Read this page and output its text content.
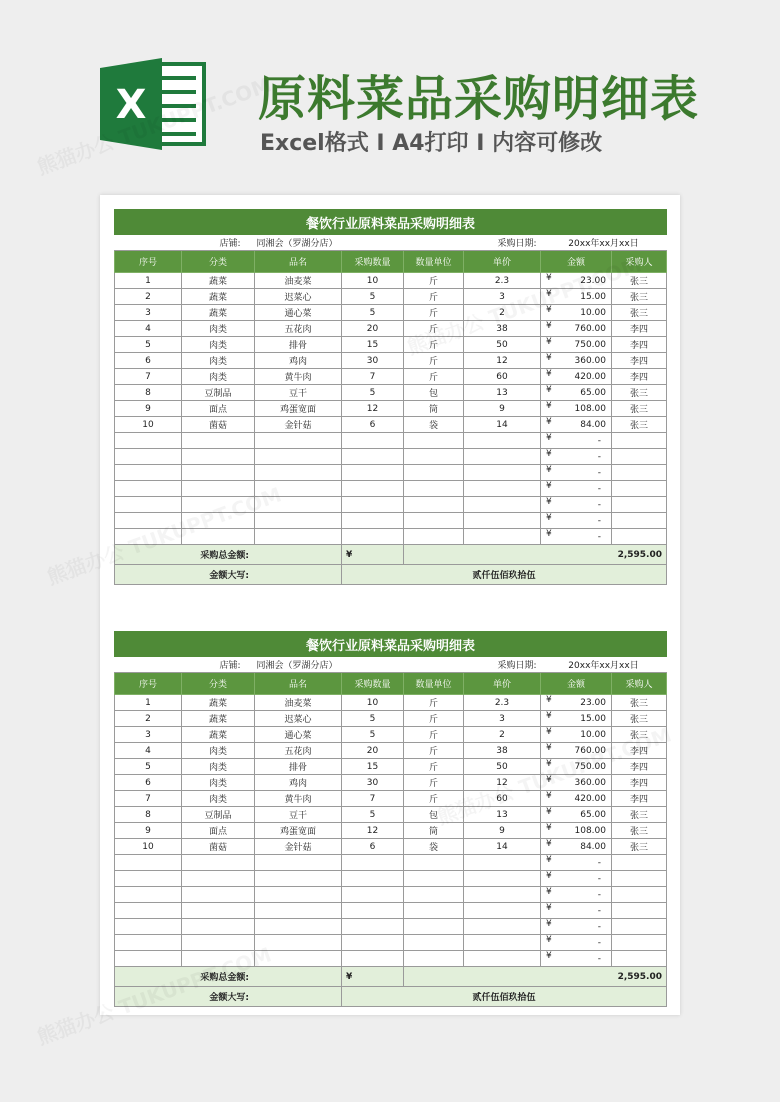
X 原料菜品采购明细表
Excel格式 I A4打印 I 内容可修改
餐饮行业原料菜品采购明细表							
店铺:		同湘会（罗湖分店）		采购日期:		20xx年xx月xx日	
序号	分类	品名	采购数量	数量单位	单价	金额	采购人
1	蔬菜	油麦菜	10	斤	2.3	¥ 23.00	张三
2	蔬菜	迟菜心	5	斤	3	¥ 15.00	张三
3	蔬菜	通心菜	5	斤	2	¥ 10.00	张三
4	肉类	五花肉	20	斤	38	¥ 760.00	李四
5	肉类	排骨	15	斤	50	¥ 750.00	李四
6	肉类	鸡肉	30	斤	12	¥ 360.00	李四
7	肉类	黄牛肉	7	斤	60	¥ 420.00	李四
8	豆制品	豆干	5	包	13	¥ 65.00	张三
9	面点	鸡蛋宽面	12	筒	9	¥ 108.00	张三
10	菌菇	金针菇	6	袋	14	¥ 84.00	张三

						¥ -	

						¥ -	

						¥ -	

						¥ -	

						¥ -	

						¥ -	

						¥ -	
采购总金额:			¥	2,595.00			
金额大写:			贰仟伍佰玖拾伍				
餐饮行业原料菜品采购明细表							
店铺:		同湘会（罗湖分店）		采购日期:		20xx年xx月xx日	
序号	分类	品名	采购数量	数量单位	单价	金额	采购人
1	蔬菜	油麦菜	10	斤	2.3	¥ 23.00	张三
2	蔬菜	迟菜心	5	斤	3	¥ 15.00	张三
3	蔬菜	通心菜	5	斤	2	¥ 10.00	张三
4	肉类	五花肉	20	斤	38	¥ 760.00	李四
5	肉类	排骨	15	斤	50	¥ 750.00	李四
6	肉类	鸡肉	30	斤	12	¥ 360.00	李四
7	肉类	黄牛肉	7	斤	60	¥ 420.00	李四
8	豆制品	豆干	5	包	13	¥ 65.00	张三
9	面点	鸡蛋宽面	12	筒	9	¥ 108.00	张三
10	菌菇	金针菇	6	袋	14	¥ 84.00	张三

						¥ -	

						¥ -	

						¥ -	

						¥ -	

						¥ -	

						¥ -	

						¥ -	
采购总金额:			¥	2,595.00			
金额大写:			贰仟伍佰玖拾伍				
